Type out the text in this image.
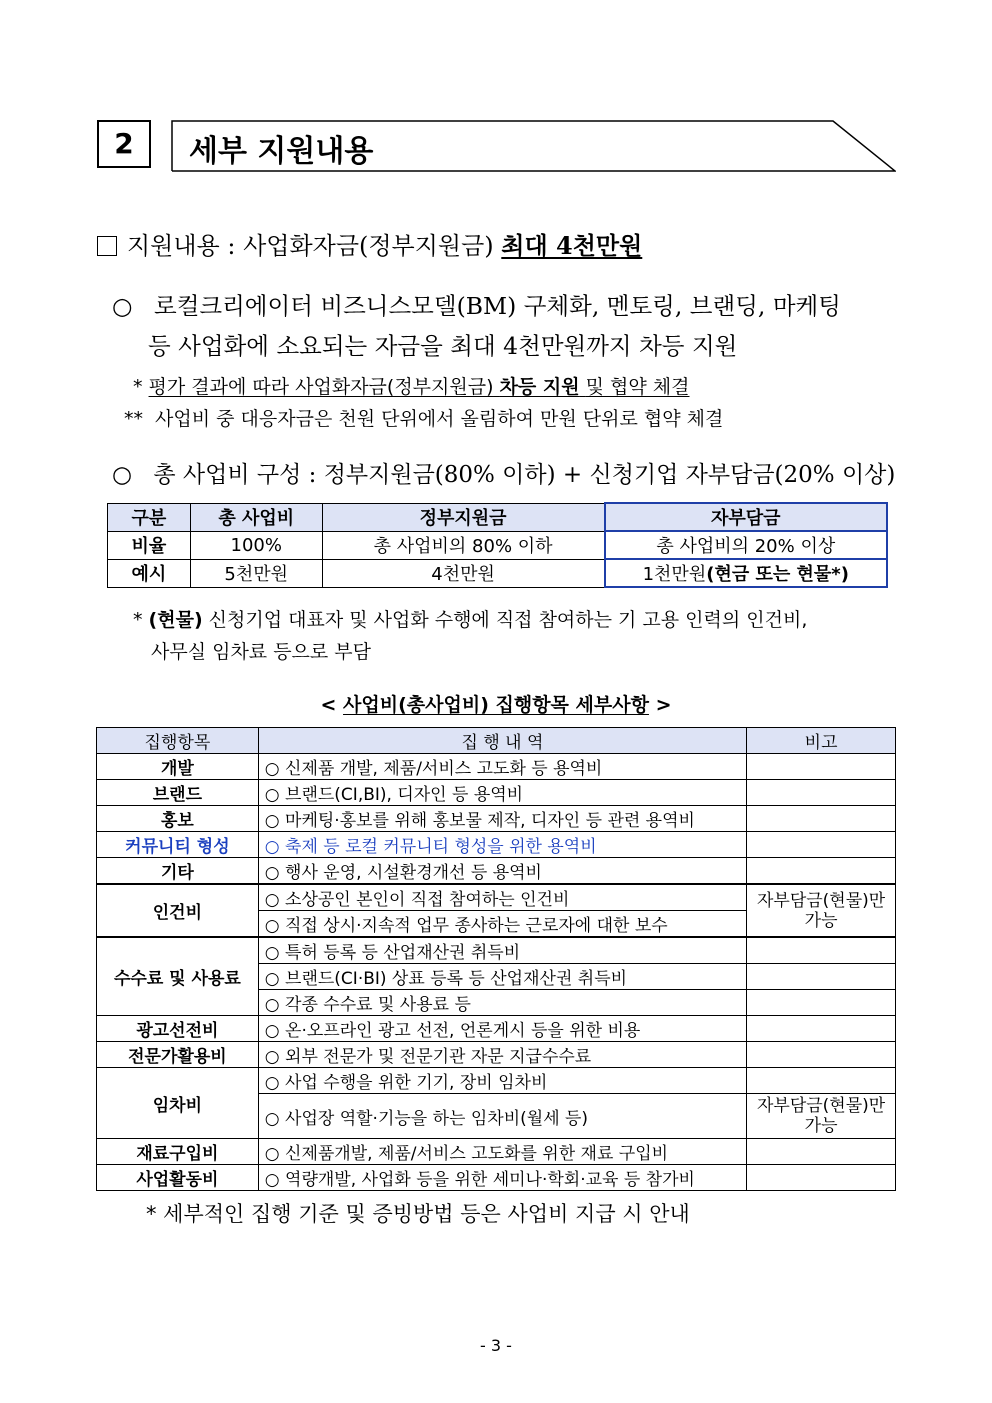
2	세부 지원내용
지원내용 : 사업화자금(정부지원금) 최대 4천만원
○ 로컬크리에이터 비즈니스모델(BM) 구체화, 멘토링, 브랜딩, 마케팅
등 사업화에 소요되는 자금을 최대 4천만원까지 차등 지원
* 평가 결과에 따라 사업화자금(정부지원금) 차등 지원 및 협약 체결
** 사업비 중 대응자금은 천원 단위에서 올림하여 만원 단위로 협약 체결
○ 총 사업비 구성 : 정부지원금(80% 이하) + 신청기업 자부담금(20% 이상)
구분	총 사업비	정부지원금	자부담금
비율	100%	총 사업비의 80% 이하	총 사업비의 20% 이상
예시	5천만원	4천만원	1천만원(현금 또는 현물*)
* (현물) 신청기업 대표자 및 사업화 수행에 직접 참여하는 기 고용 인력의 인건비,
사무실 임차료 등으로 부담
< 사업비(총사업비) 집행항목 세부사항 >
집행항목	집 행 내 역	비고
개발	○ 신제품 개발, 제품/서비스 고도화 등 용역비	
브랜드	○ 브랜드(CI,BI), 디자인 등 용역비	
홍보	○ 마케팅·홍보를 위해 홍보물 제작, 디자인 등 관련 용역비	
커뮤니티 형성	○ 축제 등 로컬 커뮤니티 형성을 위한 용역비	
기타	○ 행사 운영, 시설환경개선 등 용역비	
인건비	○ 소상공인 본인이 직접 참여하는 인건비	자부담금(현물)만 가능
	○ 직접 상시·지속적 업무 종사하는 근로자에 대한 보수	
수수료 및 사용료	○ 특허 등록 등 산업재산권 취득비	
	○ 브랜드(CI·BI) 상표 등록 등 산업재산권 취득비	
	○ 각종 수수료 및 사용료 등	
광고선전비	○ 온·오프라인 광고 선전, 언론게시 등을 위한 비용	
전문가활용비	○ 외부 전문가 및 전문기관 자문 지급수수료	
임차비	○ 사업 수행을 위한 기기, 장비 임차비	
	○ 사업장 역할·기능을 하는 임차비(월세 등)	자부담금(현물)만 가능
재료구입비	○ 신제품개발, 제품/서비스 고도화를 위한 재료 구입비	
사업활동비	○ 역량개발, 사업화 등을 위한 세미나·학회·교육 등 참가비	
* 세부적인 집행 기준 및 증빙방법 등은 사업비 지급 시 안내
- 3 -
